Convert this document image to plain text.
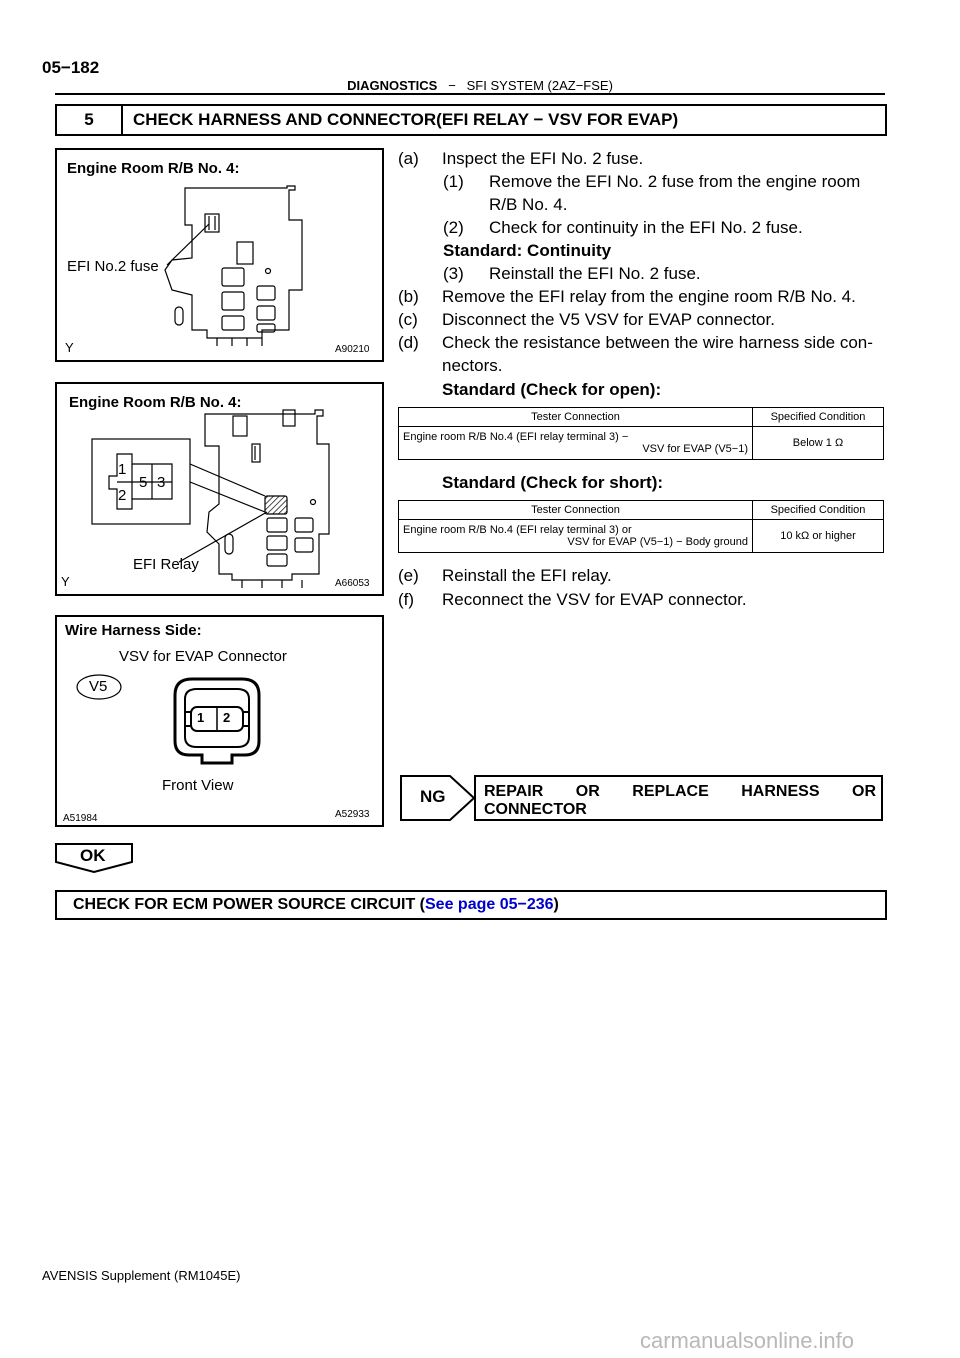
05−182
DIAGNOSTICS − SFI SYSTEM (2AZ−FSE)
5	CHECK HARNESS AND CONNECTOR(EFI RELAY − VSV FOR EVAP)
Engine Room R/B No. 4:
EFI No.2 fuse
Y	A90210
(a) Inspect the EFI No. 2 fuse.
(1) Remove the EFI No. 2 fuse from the engine room
R/B No. 4.
(2) Check for continuity in the EFI No. 2 fuse.
Standard: Continuity
(3) Reinstall the EFI No. 2 fuse.
(b) Remove the EFI relay from the engine room R/B No. 4.
(c) Disconnect the V5 VSV for EVAP connector.
(d) Check the resistance between the wire harness side con-
nectors.
Standard (Check for open):
Tester Connection	Specified Condition

Engine room R/B No.4 (EFI relay terminal 3) −
VSV for EVAP (V5−1)	Below 1 Ω
Standard (Check for short):
Tester Connection	Specified Condition

Engine room R/B No.4 (EFI relay terminal 3) or
VSV for EVAP (V5−1) − Body ground	10 kΩ or higher
(e) Reinstall the EFI relay.
(f) Reconnect the VSV for EVAP connector.
Engine Room R/B No. 4:
1
2
5 3
EFI Relay
Y	A66053
Wire Harness Side:
VSV for EVAP Connector
V5
1 2
Front View
A51984	A52933
NG REPAIR OR REPLACE HARNESS OR
CONNECTOR
OK
CHECK FOR ECM POWER SOURCE CIRCUIT (See page 05−236)
AVENSIS Supplement (RM1045E)
carmanualsonline.info
